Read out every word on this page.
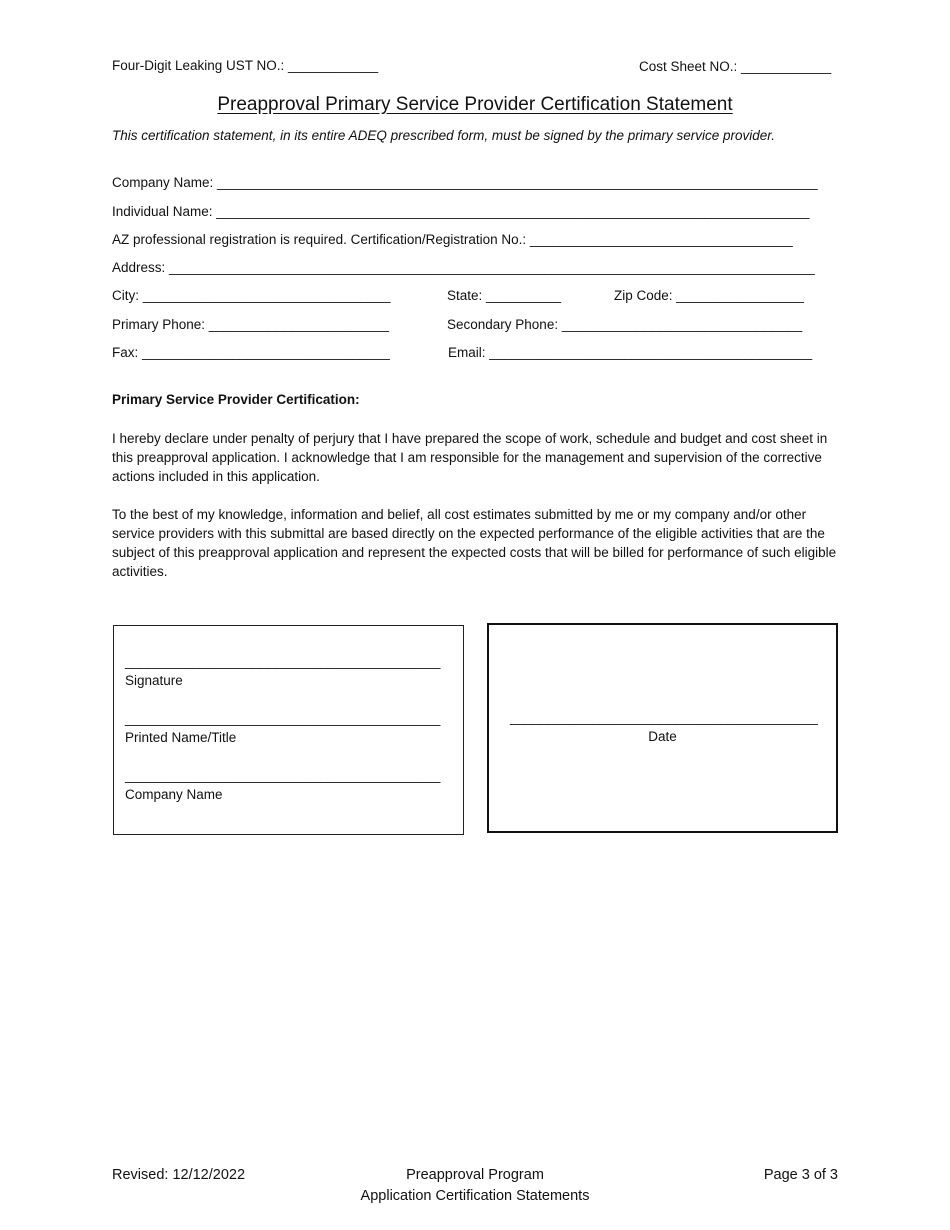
Four-Digit Leaking UST NO.: ____________	Cost Sheet NO.: ____________
Preapproval Primary Service Provider Certification Statement
This certification statement, in its entire ADEQ prescribed form, must be signed by the primary service provider.
Company Name: ________________________________________________________________________________
Individual Name: _______________________________________________________________________________
AZ professional registration is required. Certification/Registration No.: ___________________________________
Address: ______________________________________________________________________________________
City: _________________________________	State: __________	Zip Code: _________________
Primary Phone: ________________________	Secondary Phone: ________________________________
Fax: _________________________________	Email: ___________________________________________
Primary Service Provider Certification:
I hereby declare under penalty of perjury that I have prepared the scope of work, schedule and budget and cost sheet in this preapproval application. I acknowledge that I am responsible for the management and supervision of the corrective actions included in this application.
To the best of my knowledge, information and belief, all cost estimates submitted by me or my company and/or other service providers with this submittal are based directly on the expected performance of the eligible activities that are the subject of this preapproval application and represent the expected costs that will be billed for performance of such eligible activities.
__________________________________________
Signature
__________________________________________
Printed Name/Title
__________________________________________
Company Name
_________________________________________
Date
Revised: 12/12/2022	Preapproval Program
Application Certification Statements
Page 3 of 3
